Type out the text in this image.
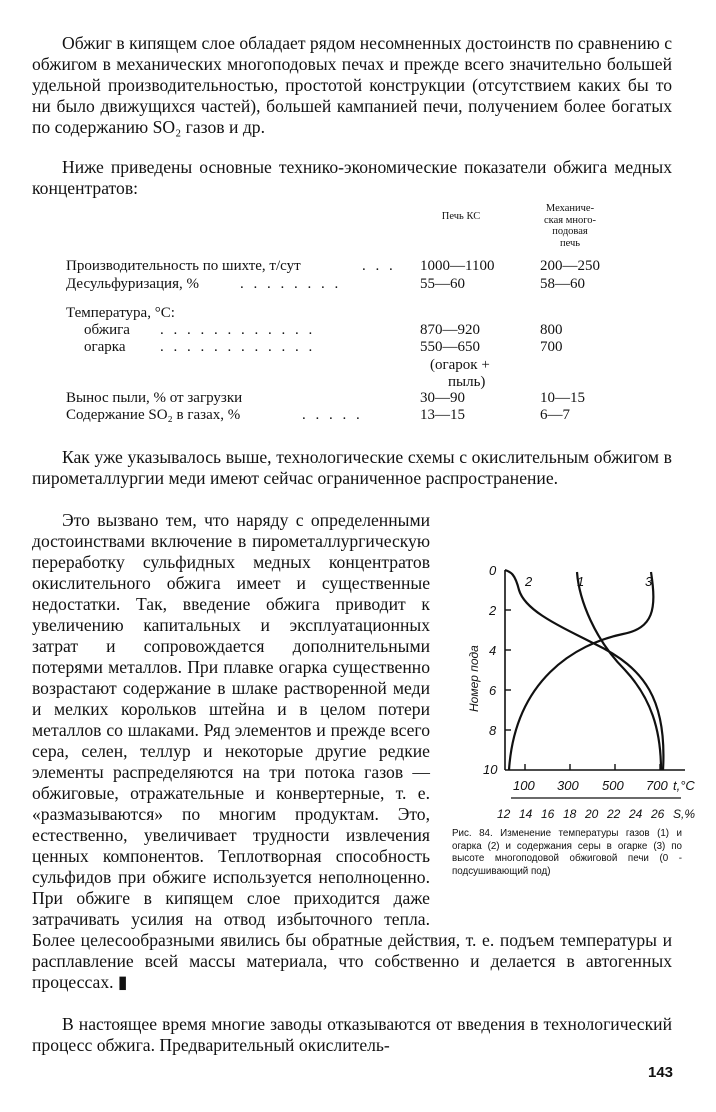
Обжиг в кипящем слое обладает рядом несомненных достоинств по сравнению с обжигом в механических многоподовых печах и прежде всего значительно большей удельной производительностью, простотой конструкции (отсутствием каких бы то ни было движущихся частей), большей кампанией печи, получением более богатых по содержанию SO₂ газов и др.

Ниже приведены основные технико-экономические показатели обжига медных концентратов:

Печь КС
Механиче-
ская много-
подовая
печь
Производительность по шихте, т/сут	. . . 1000—1100	200—250
Десульфуризация, %	. . . . . . . .	55—60	58—60
Температура, °С:
обжига . . . . . . . . . . . .	870—920	800
огарка . . . . . . . . . . . .	550—650	700
(огарок +
пыль)
Вынос пыли, % от загрузки	30—90	10—15
Содержание SO₂ в газах, %	. . . . .	13—15	6—7

Как уже указывалось выше, технологические схемы с окислительным обжигом в пирометаллургии меди имеют сейчас ограниченное распространение.

0
2
4
6
8
10
Номер пода
100 300 500 700 t,°C
12 14 16 18 20 22 24 26 S,%
2	1	3

Рис. 84. Изменение температуры газов (1) и огарка (2) и содержания серы в огарке (3) по высоте многоподовой обжиговой печи (0 - подсушивающий под)

Это вызвано тем, что наряду с определенными достоинствами включение в пирометаллургическую переработку сульфидных медных концентратов окислительного обжига имеет и существенные недостатки. Так, введение обжига приводит к увеличению капитальных и эксплуатационных затрат и сопровождается дополнительными потерями металлов. При плавке огарка существенно возрастают содержание в шлаке растворенной меди и мелких корольков штейна и в целом потери металлов со шлаками. Ряд элементов и прежде всего сера, селен, теллур и некоторые другие редкие элементы распределяются на три потока газов — обжиговые, отражательные и конвертерные, т. е. «размазываются» по многим продуктам. Это, естественно, увеличивает трудности извлечения ценных компонентов. Теплотворная способность сульфидов при обжиге используется неполноценно. При обжиге в кипящем слое приходится даже затрачивать усилия на отвод избыточного тепла. Более целесообразными явились бы обратные действия, т. е. подъем температуры и расплавление всей массы материала, что собственно и делается в автогенных процессах. ▮

В настоящее время многие заводы отказываются от введения в технологический процесс обжига. Предварительный окислитель-

143
